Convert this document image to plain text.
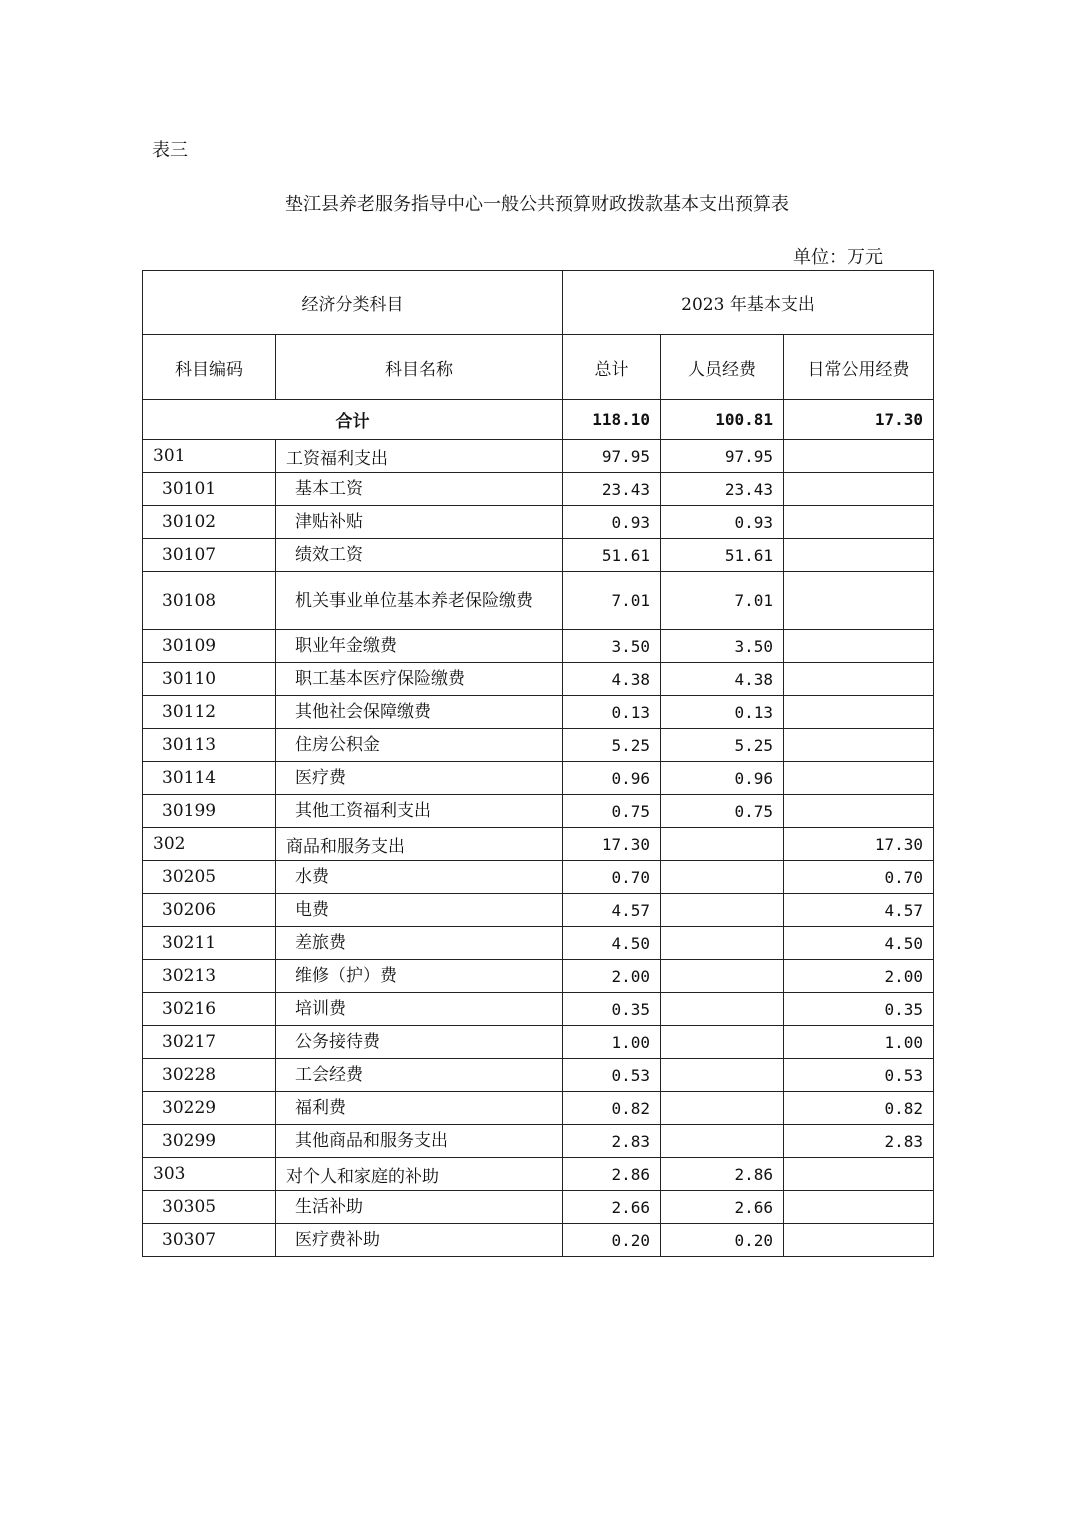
表三
垫江县养老服务指导中心一般公共预算财政拨款基本支出预算表
单位：万元
经济分类科目		2023 年基本支出		
科目编码	科目名称	总计	人员经费	日常公用经费
合计		118.10	100.81	17.30
301	工资福利支出	97.95	97.95	
30101	基本工资	23.43	23.43	
30102	津贴补贴	0.93	0.93	
30107	绩效工资	51.61	51.61	
30108	机关事业单位基本养老保险缴费	7.01	7.01	
30109	职业年金缴费	3.50	3.50	
30110	职工基本医疗保险缴费	4.38	4.38	
30112	其他社会保障缴费	0.13	0.13	
30113	住房公积金	5.25	5.25	
30114	医疗费	0.96	0.96	
30199	其他工资福利支出	0.75	0.75	
302	商品和服务支出	17.30		17.30
30205	水费	0.70		0.70
30206	电费	4.57		4.57
30211	差旅费	4.50		4.50
30213	维修（护）费	2.00		2.00
30216	培训费	0.35		0.35
30217	公务接待费	1.00		1.00
30228	工会经费	0.53		0.53
30229	福利费	0.82		0.82
30299	其他商品和服务支出	2.83		2.83
303	对个人和家庭的补助	2.86	2.86	
30305	生活补助	2.66	2.66	
30307	医疗费补助	0.20	0.20	
